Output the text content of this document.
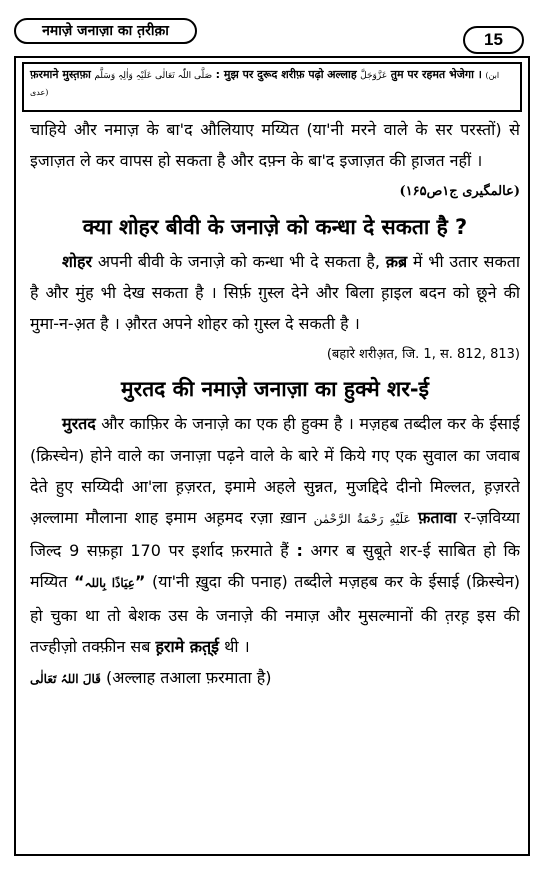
नमाज़े जनाज़ा का त़रीक़ा	15
फ़रमाने मुस्त़फ़ा صَلَّی اللّٰہ تَعَالٰی عَلَیْہِ وَاٰلِہٖ وَسَلَّم : मुझ पर दुरूद शरीफ़ पढ़ो अल्लाह عَزَّوَجَلَّ तुम पर रहमत भेजेगा । (ابن عدی)

चाहिये और नमाज़ के बा'द औलियाए मय्यित (या'नी मरने वाले के सर परस्तों) से इजाज़त ले कर वापस हो सकता है और दफ़्न के बा'द इजाज़त की ह़ाजत नहीं ।
(عالمگیری ج۱ص۱۶۵)

क्या शोहर बीवी के जनाज़े को कन्धा दे सकता है ?

  शोहर अपनी बीवी के जनाज़े को कन्धा भी दे सकता है, क़ब्र में भी उतार सकता है और मुंह भी देख सकता है । सिर्फ़ ग़ुस्ल देने और बिला ह़ाइल बदन को छूने की मुमा-न-अ़त है । औ़रत अपने शोहर को ग़ुस्ल दे सकती है ।
(बहारे शरीअ़त, जि. 1, स. 812, 813)

मुरतद की नमाज़े जनाज़ा का हुक्मे शर-ई

  मुरतद और काफ़िर के जनाज़े का एक ही हुक्म है । मज़हब तब्दील कर के ईसाई (क्रिस्चेन) होने वाले का जनाज़ा पढ़ने वाले के बारे में किये गए एक सुवाल का जवाब देते हुए सय्यिदी आ'ला ह़ज़रत, इमामे अहले सुन्नत, मुजद्दिदे दीनो मिल्लत, ह़ज़रते अ़ल्लामा मौलाना शाह इमाम अह़मद रज़ा ख़ान عَلَيْهِ رَحْمَةُ الرَّحْمٰن फ़तावा र-ज़विय्या जिल्द 9 सफ़ह़ा 170 पर इर्शाद फ़रमाते हैं : अगर ब सुबूते शर-ई साबित हो कि मय्यित “عِیَاذًا بِاللہ” (या'नी ख़ुदा की पनाह) तब्दीले मज़हब कर के ईसाई (क्रिस्चेन) हो चुका था तो बेशक उस के जनाज़े की नमाज़ और मुसल्मानों की त़रह़ इस की तज्हीज़ो तक्फ़ीन सब ह़रामे क़त़्ई थी ।

قَالَ اللہُ تَعَالٰی (अल्लाह तआला फ़रमाता है)
